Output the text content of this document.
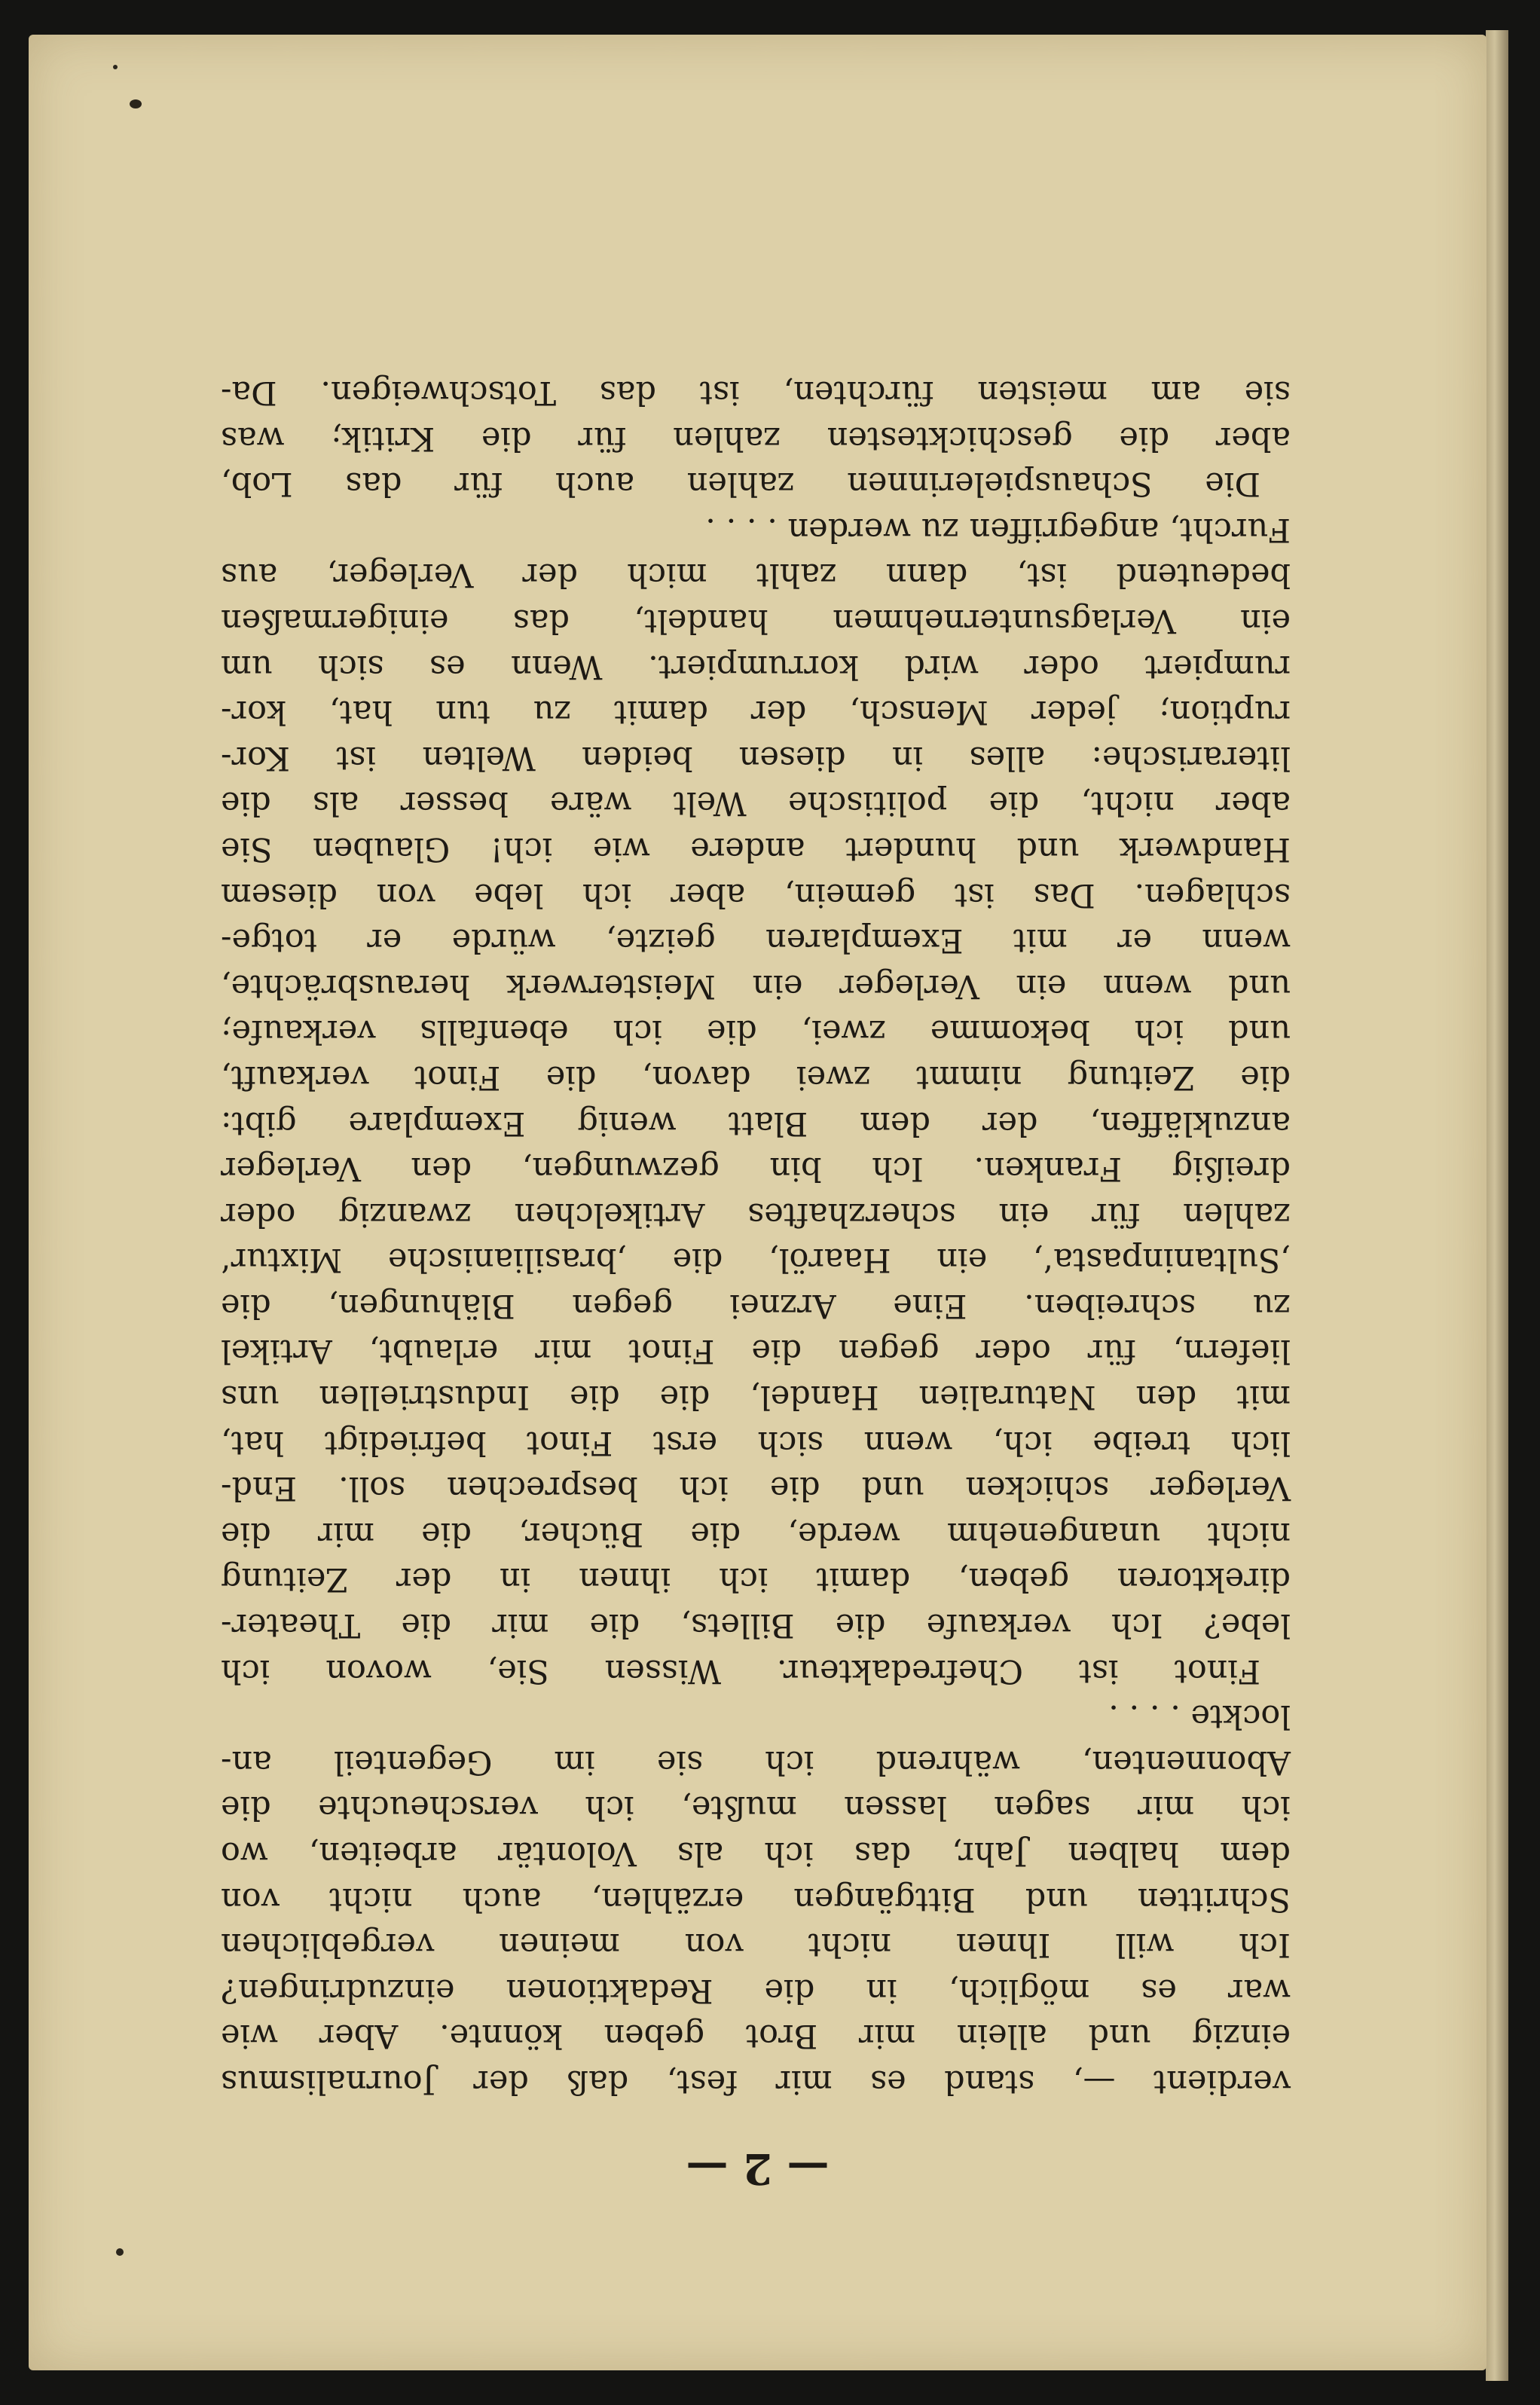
— 2 —
verdient —, stand es mir fest, daß der Journalismus
einzig und allein mir Brot geben könnte. Aber wie
war es möglich, in die Redaktionen einzudringen?
Ich will Ihnen nicht von meinen vergeblichen
Schritten und Bittgängen erzählen, auch nicht von
dem halben Jahr, das ich als Volontär arbeiten, wo
ich mir sagen lassen mußte, ich verscheuchte die
Abonnenten, während ich sie im Gegenteil an-
lockte . . . .
Finot ist Chefredakteur. Wissen Sie, wovon ich
lebe? Ich verkaufe die Billets, die mir die Theater-
direktoren geben, damit ich ihnen in der Zeitung
nicht unangenehm werde, die Bücher, die mir die
Verleger schicken und die ich besprechen soll. End-
lich treibe ich, wenn sich erst Finot befriedigt hat,
mit den Naturalien Handel, die die Industriellen uns
liefern, für oder gegen die Finot mir erlaubt, Artikel
zu schreiben. Eine Arznei gegen Blähungen, die
‚Sultaninpasta‘, ein Haaröl, die ‚brasilianische Mixtur‘
zahlen für ein scherzhaftes Artikelchen zwanzig oder
dreißig Franken. Ich bin gezwungen, den Verleger
anzukläffen, der dem Blatt wenig Exemplare gibt:
die Zeitung nimmt zwei davon, die Finot verkauft,
und ich bekomme zwei, die ich ebenfalls verkaufe;
und wenn ein Verleger ein Meisterwerk herausbrächte,
wenn er mit Exemplaren geizte, würde er totge-
schlagen. Das ist gemein, aber ich lebe von diesem
Handwerk und hundert andere wie ich! Glauben Sie
aber nicht, die politische Welt wäre besser als die
literarische: alles in diesen beiden Welten ist Kor-
ruption; jeder Mensch, der damit zu tun hat, kor-
rumpiert oder wird korrumpiert. Wenn es sich um
ein Verlagsunternehmen handelt, das einigermaßen
bedeutend ist, dann zahlt mich der Verleger, aus
Furcht, angegriffen zu werden . . . .
Die Schauspielerinnen zahlen auch für das Lob,
aber die geschicktesten zahlen für die Kritik; was
sie am meisten fürchten, ist das Totschweigen. Da-
